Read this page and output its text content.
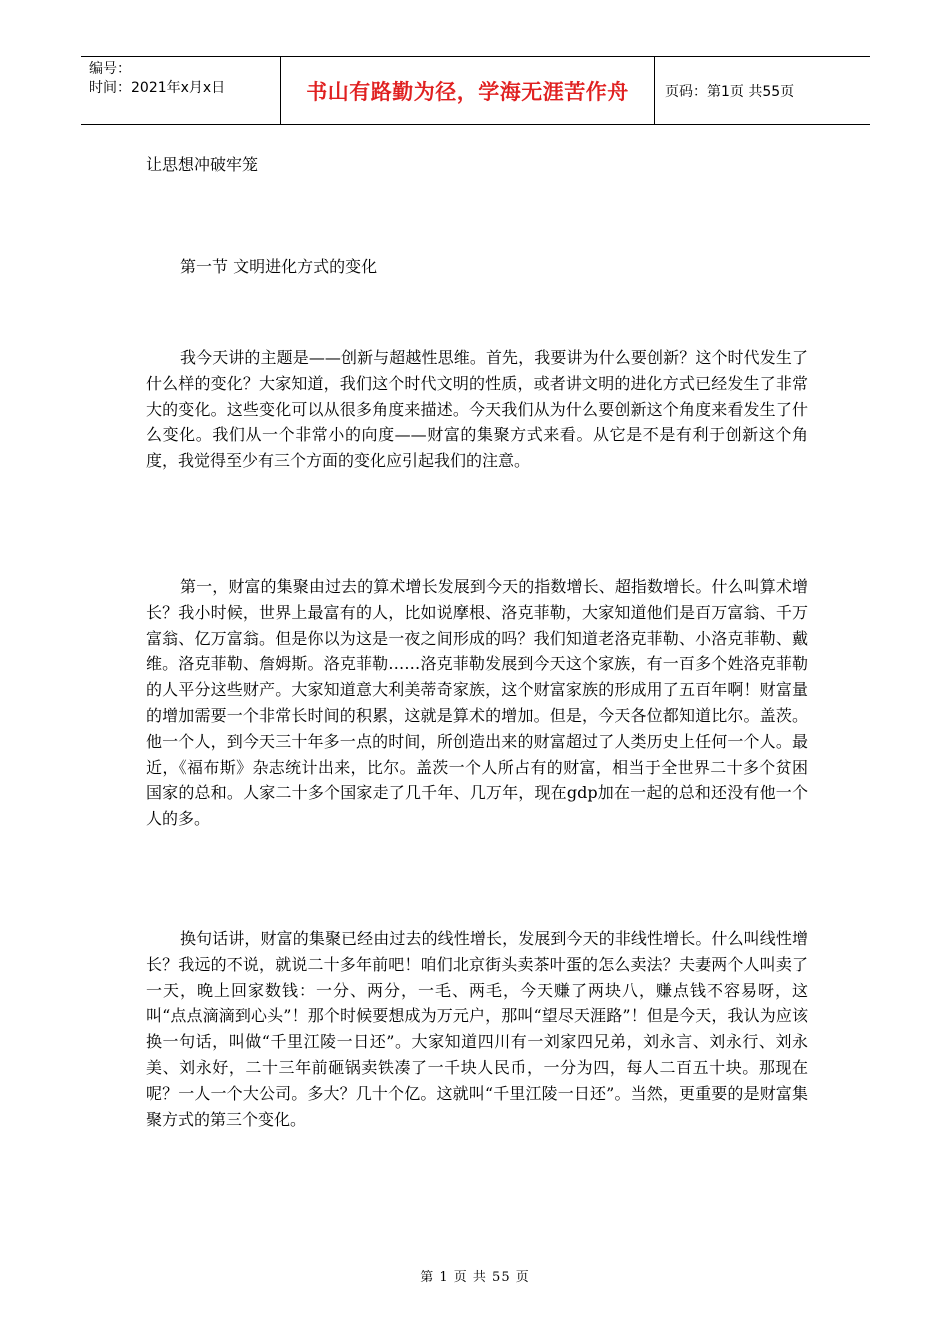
编号：
时间：2021年x月x日	书山有路勤为径，学海无涯苦作舟	页码：第1页 共55页
让思想冲破牢笼
第一节 文明进化方式的变化

我今天讲的主题是——创新与超越性思维。首先，我要讲为什么要创新？这个时代发生了什么样的变化？大家知道，我们这个时代文明的性质，或者讲文明的进化方式已经发生了非常大的变化。这些变化可以从很多角度来描述。今天我们从为什么要创新这个角度来看发生了什么变化。我们从一个非常小的向度——财富的集聚方式来看。从它是不是有利于创新这个角度，我觉得至少有三个方面的变化应引起我们的注意。

第一，财富的集聚由过去的算术增长发展到今天的指数增长、超指数增长。什么叫算术增长？我小时候，世界上最富有的人，比如说摩根、洛克菲勒，大家知道他们是百万富翁、千万富翁、亿万富翁。但是你以为这是一夜之间形成的吗？我们知道老洛克菲勒、小洛克菲勒、戴维。洛克菲勒、詹姆斯。洛克菲勒……洛克菲勒发展到今天这个家族，有一百多个姓洛克菲勒的人平分这些财产。大家知道意大利美蒂奇家族，这个财富家族的形成用了五百年啊！财富量的增加需要一个非常长时间的积累，这就是算术的增加。但是，今天各位都知道比尔。盖茨。他一个人，到今天三十年多一点的时间，所创造出来的财富超过了人类历史上任何一个人。最近，《福布斯》杂志统计出来，比尔。盖茨一个人所占有的财富，相当于全世界二十多个贫困国家的总和。人家二十多个国家走了几千年、几万年，现在gdp加在一起的总和还没有他一个人的多。

换句话讲，财富的集聚已经由过去的线性增长，发展到今天的非线性增长。什么叫线性增长？我远的不说，就说二十多年前吧！咱们北京街头卖茶叶蛋的怎么卖法？夫妻两个人叫卖了一天，晚上回家数钱：一分、两分，一毛、两毛，今天赚了两块八，赚点钱不容易呀，这叫“点点滴滴到心头”！那个时候要想成为万元户，那叫“望尽天涯路”！但是今天，我认为应该换一句话，叫做“千里江陵一日还”。大家知道四川有一刘家四兄弟，刘永言、刘永行、刘永美、刘永好，二十三年前砸锅卖铁凑了一千块人民币，一分为四，每人二百五十块。那现在呢？一人一个大公司。多大？几十个亿。这就叫“千里江陵一日还”。当然，更重要的是财富集聚方式的第三个变化。

第 1 页 共 55 页
